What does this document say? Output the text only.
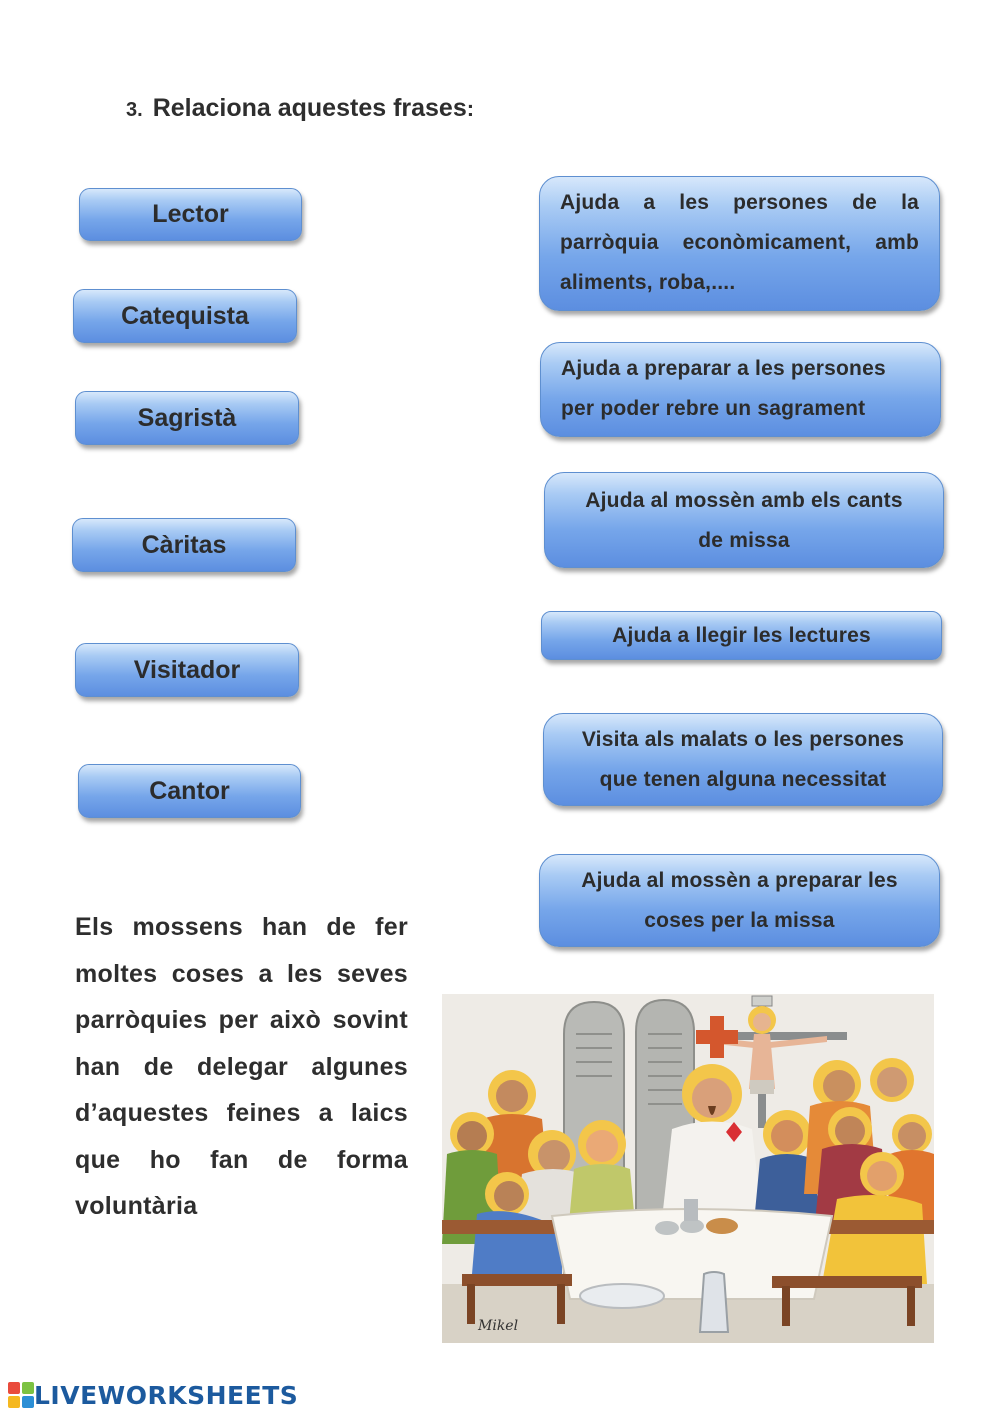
3. Relaciona aquestes frases:
Lector
Catequista
Sagristà
Càritas
Visitador
Cantor
Ajuda a les persones de la parròquia econòmicament, amb aliments, roba,....
Ajuda a preparar a les persones per poder rebre un sagrament
Ajuda al mossèn amb els cants de missa
Ajuda a llegir les lectures
Visita als malats o les persones que tenen alguna necessitat
Ajuda al mossèn a preparar les coses per la missa
Els mossens han de fer moltes coses a les seves parròquies per això sovint han de delegar algunes d’aquestes feines a laics que ho fan de forma voluntària
Mikel
LIVEWORKSHEETS
